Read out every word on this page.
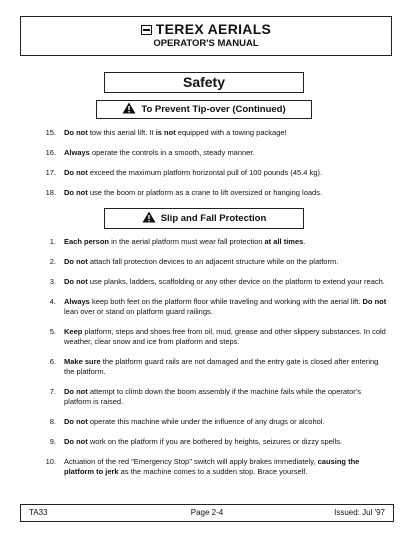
TEREX AERIALS
OPERATOR'S MANUAL
Safety
To Prevent Tip-over (Continued)
15. Do not tow this aerial lift. It is not equipped with a towing package!
16. Always operate the controls in a smooth, steady manner.
17. Do not exceed the maximum platform horizontal pull of 100 pounds (45.4 kg).
18. Do not use the boom or platform as a crane to lift oversized or hanging loads.
Slip and Fall Protection
1. Each person in the aerial platform must wear fall protection at all times.
2. Do not attach fall protection devices to an adjacent structure while on the platform.
3. Do not use planks, ladders, scaffolding or any other device on the platform to extend your reach.
4. Always keep both feet on the platform floor while traveling and working with the aerial lift. Do not lean over or stand on platform guard railings.
5. Keep platform, steps and shoes free from oil, mud, grease and other slippery substances. In cold weather, clear snow and ice from platform and steps.
6. Make sure the platform guard rails are not damaged and the entry gate is closed after entering the platform.
7. Do not attempt to climb down the boom assembly if the machine fails while the operator's platform is raised.
8. Do not operate this machine while under the influence of any drugs or alcohol.
9. Do not work on the platform if you are bothered by heights, seizures or dizzy spells.
10. Actuation of the red "Emergency Stop" switch will apply brakes immediately, causing the platform to jerk as the machine comes to a sudden stop. Brace yourself.
TA33	Page 2-4	Issued: Jul '97
